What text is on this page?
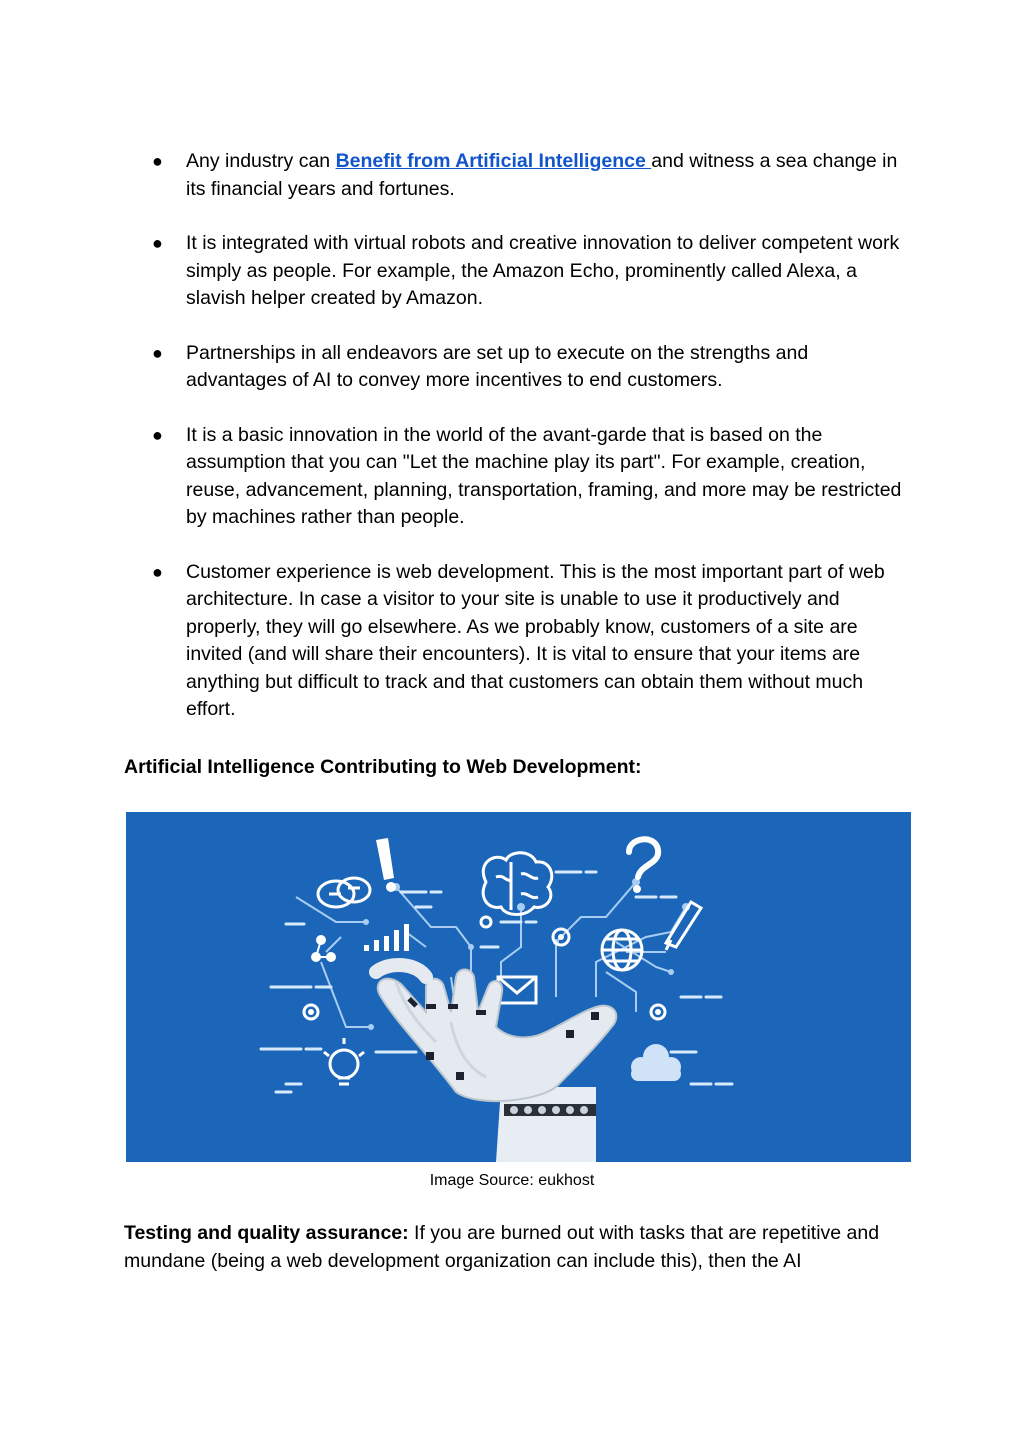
● Any industry can Benefit from Artificial Intelligence and witness a sea change in its financial years and fortunes.
● It is integrated with virtual robots and creative innovation to deliver competent work simply as people. For example, the Amazon Echo, prominently called Alexa, a slavish helper created by Amazon.
● Partnerships in all endeavors are set up to execute on the strengths and advantages of AI to convey more incentives to end customers.
● It is a basic innovation in the world of the avant-garde that is based on the assumption that you can "Let the machine play its part". For example, creation, reuse, advancement, planning, transportation, framing, and more may be restricted by machines rather than people.
● Customer experience is web development. This is the most important part of web architecture. In case a visitor to your site is unable to use it productively and properly, they will go elsewhere. As we probably know, customers of a site are invited (and will share their encounters). It is vital to ensure that your items are anything but difficult to track and that customers can obtain them without much effort.
Artificial Intelligence Contributing to Web Development:

Image Source: eukhost

Testing and quality assurance: If you are burned out with tasks that are repetitive and mundane (being a web development organization can include this), then the AI
